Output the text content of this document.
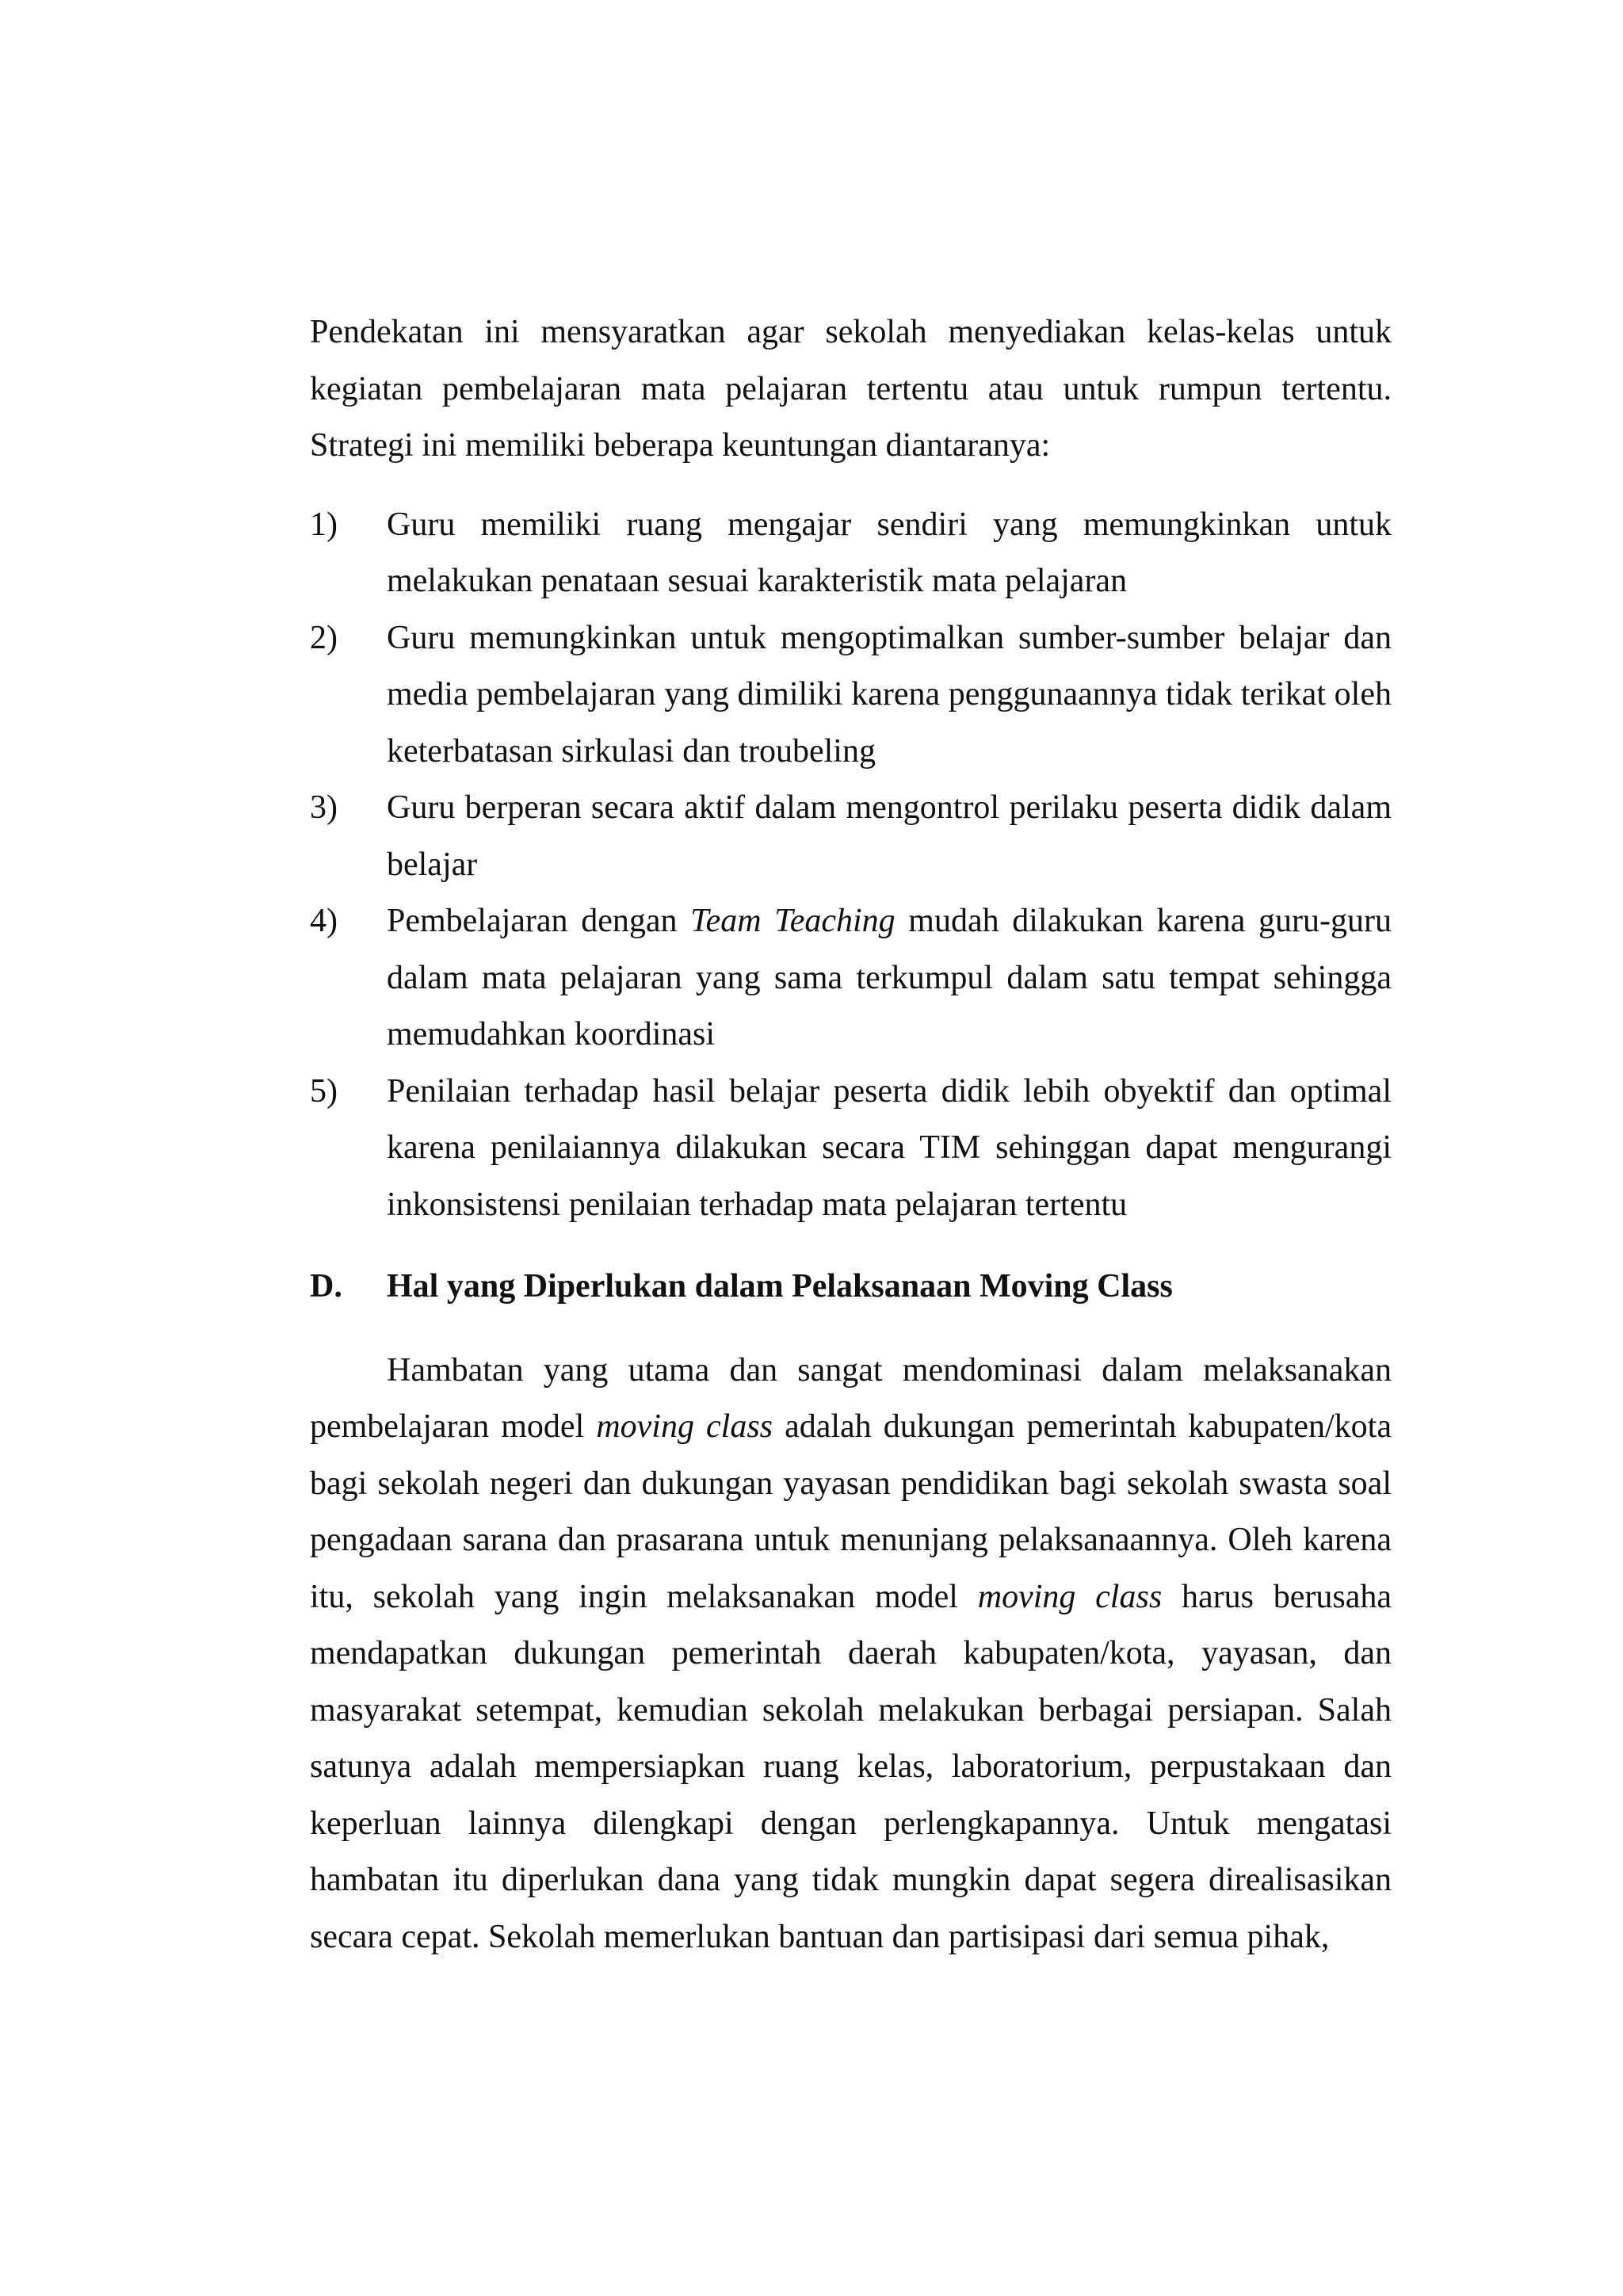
Pendekatan ini mensyaratkan agar sekolah menyediakan kelas-kelas untuk kegiatan pembelajaran mata pelajaran tertentu atau untuk rumpun tertentu. Strategi ini memiliki beberapa keuntungan diantaranya:

1) Guru memiliki ruang mengajar sendiri yang memungkinkan untuk melakukan penataan sesuai karakteristik mata pelajaran
2) Guru memungkinkan untuk mengoptimalkan sumber-sumber belajar dan media pembelajaran yang dimiliki karena penggunaannya tidak terikat oleh keterbatasan sirkulasi dan troubeling
3) Guru berperan secara aktif dalam mengontrol perilaku peserta didik dalam belajar
4) Pembelajaran dengan Team Teaching mudah dilakukan karena guru-guru dalam mata pelajaran yang sama terkumpul dalam satu tempat sehingga memudahkan koordinasi
5) Penilaian terhadap hasil belajar peserta didik lebih obyektif dan optimal karena penilaiannya dilakukan secara TIM sehinggan dapat mengurangi inkonsistensi penilaian terhadap mata pelajaran tertentu
D. Hal yang Diperlukan dalam Pelaksanaan Moving Class

Hambatan yang utama dan sangat mendominasi dalam melaksanakan pembelajaran model moving class adalah dukungan pemerintah kabupaten/kota bagi sekolah negeri dan dukungan yayasan pendidikan bagi sekolah swasta soal pengadaan sarana dan prasarana untuk menunjang pelaksanaannya. Oleh karena itu, sekolah yang ingin melaksanakan model moving class harus berusaha mendapatkan dukungan pemerintah daerah kabupaten/kota, yayasan, dan masyarakat setempat, kemudian sekolah melakukan berbagai persiapan. Salah satunya adalah mempersiapkan ruang kelas, laboratorium, perpustakaan dan keperluan lainnya dilengkapi dengan perlengkapannya. Untuk mengatasi hambatan itu diperlukan dana yang tidak mungkin dapat segera direalisasikan secara cepat. Sekolah memerlukan bantuan dan partisipasi dari semua pihak,
